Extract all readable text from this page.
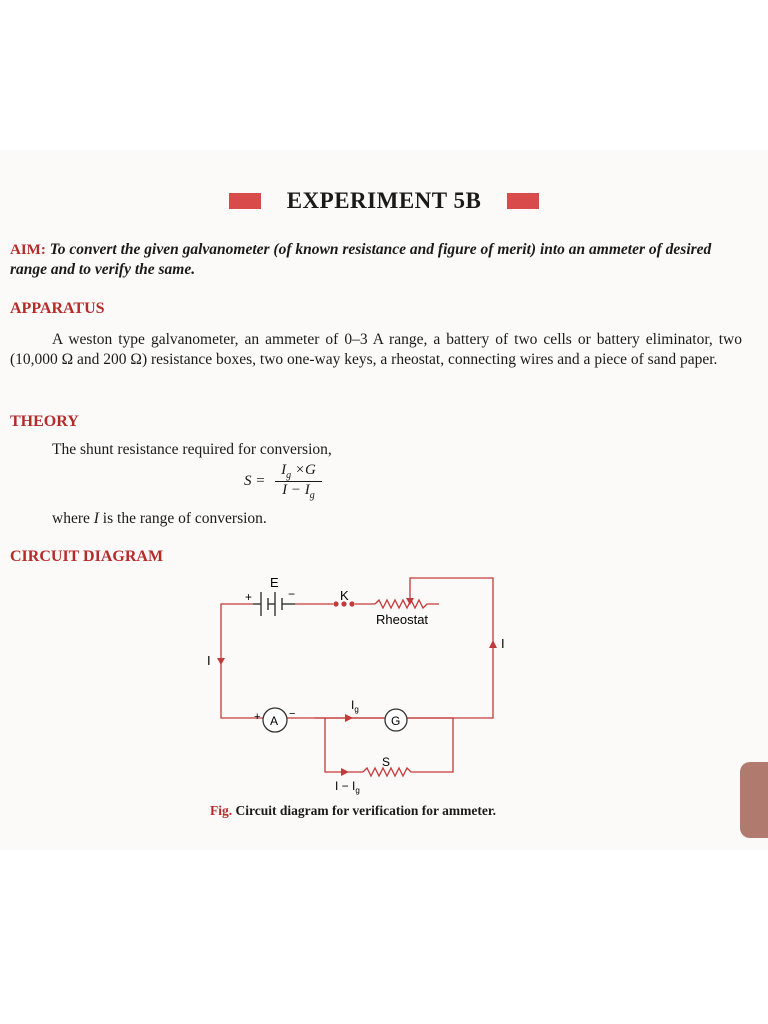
EXPERIMENT 5B
AIM: To convert the given galvanometer (of known resistance and figure of merit) into an ammeter of desired range and to verify the same.
APPARATUS
A weston type galvanometer, an ammeter of 0–3 A range, a battery of two cells or battery eliminator, two (10,000 Ω and 200 Ω) resistance boxes, two one-way keys, a rheostat, connecting wires and a piece of sand paper.
THEORY
The shunt resistance required for conversion,
$S = \frac{I_g \times G}{I - I_g}$
where I is the range of conversion.
CIRCUIT DIAGRAM
E
+	−	K
Rheostat
I
I
+	−
A	G
$I_g$
S
$I - I_g$
Fig. Circuit diagram for verification for ammeter.
